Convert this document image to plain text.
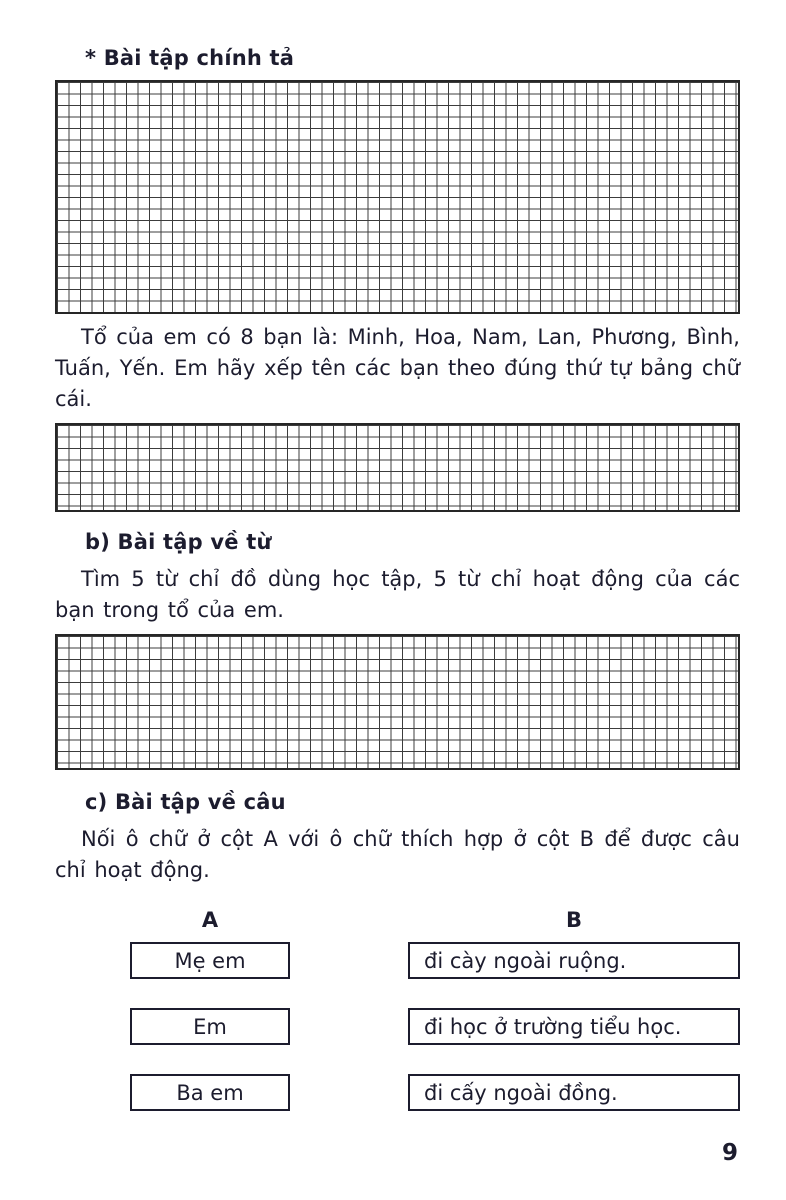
* Bài tập chính tả

Tổ của em có 8 bạn là: Minh, Hoa, Nam, Lan, Phương, Bình, Tuấn, Yến. Em hãy xếp tên các bạn theo đúng thứ tự bảng chữ cái.

b) Bài tập về từ

Tìm 5 từ chỉ đồ dùng học tập, 5 từ chỉ hoạt động của các bạn trong tổ của em.

c) Bài tập về câu

Nối ô chữ ở cột A với ô chữ thích hợp ở cột B để được câu chỉ hoạt động.

A	B
Mẹ em	đi cày ngoài ruộng.
Em	đi học ở trường tiểu học.
Ba em	đi cấy ngoài đồng.
9
